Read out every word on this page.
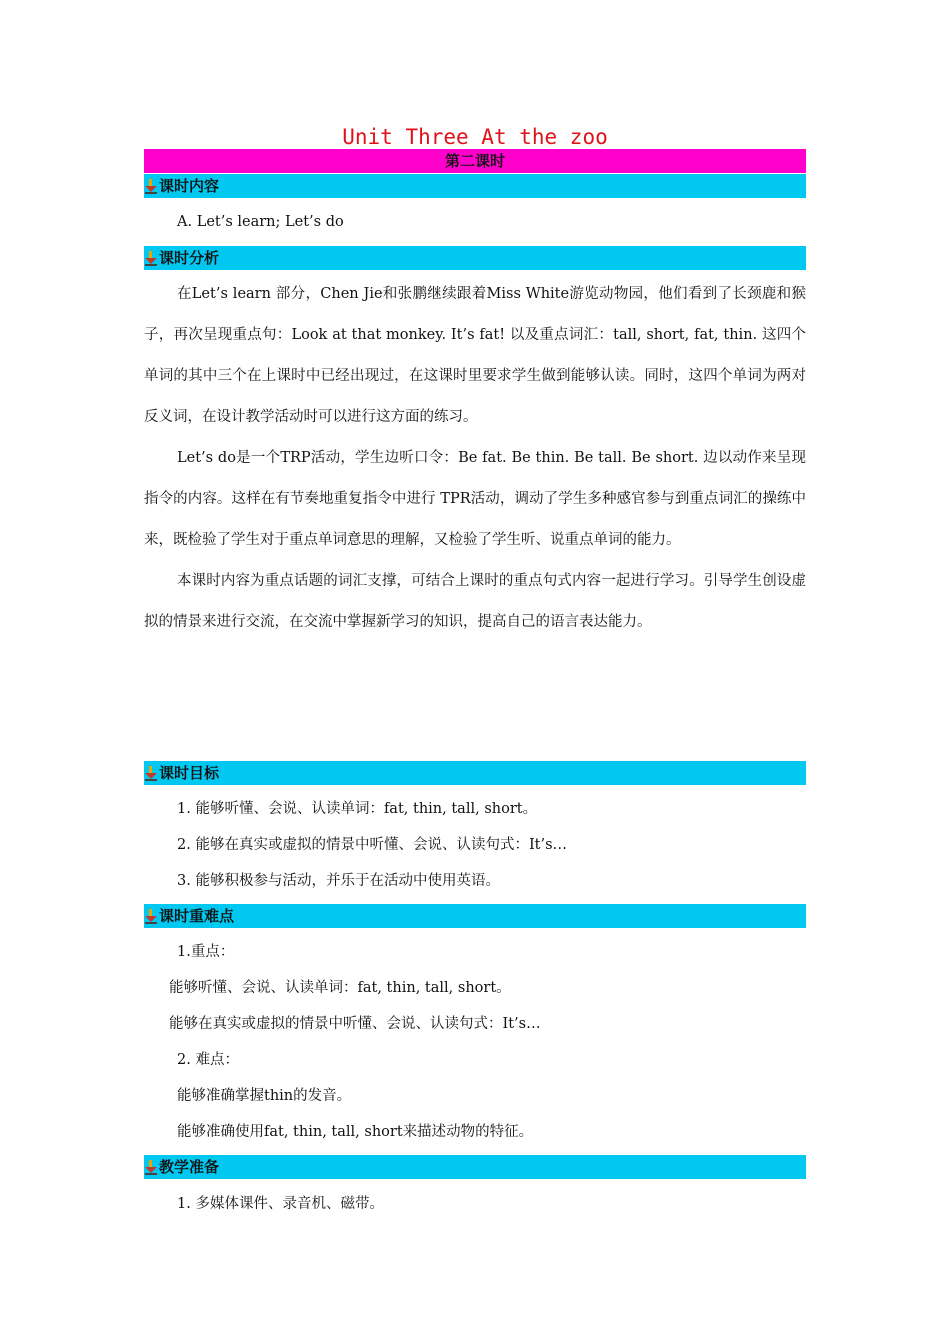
Unit Three At the zoo
第二课时
课时内容
A. Let’s learn; Let’s do
课时分析

在Let’s learn 部分，Chen Jie和张鹏继续跟着Miss White游览动物园，他们看到了长颈鹿和猴子，再次呈现重点句：Look at that monkey. It’s fat! 以及重点词汇：tall, short, fat, thin. 这四个单词的其中三个在上课时中已经出现过，在这课时里要求学生做到能够认读。同时，这四个单词为两对反义词，在设计教学活动时可以进行这方面的练习。

Let’s do是一个TRP活动，学生边听口令：Be fat. Be thin. Be tall. Be short. 边以动作来呈现指令的内容。这样在有节奏地重复指令中进行 TPR活动，调动了学生多种感官参与到重点词汇的操练中来，既检验了学生对于重点单词意思的理解，又检验了学生听、说重点单词的能力。

本课时内容为重点话题的词汇支撑，可结合上课时的重点句式内容一起进行学习。引导学生创设虚拟的情景来进行交流，在交流中掌握新学习的知识，提高自己的语言表达能力。

课时目标
1. 能够听懂、会说、认读单词：fat, thin, tall, short。
2. 能够在真实或虚拟的情景中听懂、会说、认读句式：It’s…
3. 能够积极参与活动，并乐于在活动中使用英语。
课时重难点
1.重点：
能够听懂、会说、认读单词：fat, thin, tall, short。
能够在真实或虚拟的情景中听懂、会说、认读句式：It’s…
2. 难点：
能够准确掌握thin的发音。
能够准确使用fat, thin, tall, short来描述动物的特征。
教学准备
1. 多媒体课件、录音机、磁带。
